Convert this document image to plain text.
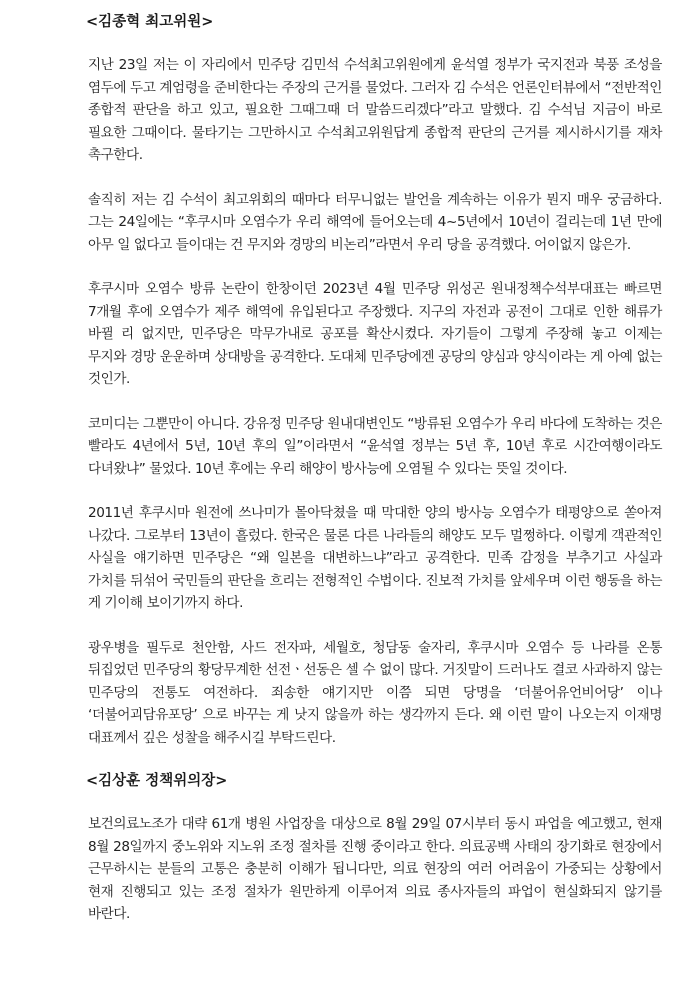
<김종혁 최고위원>

지난 23일 저는 이 자리에서 민주당 김민석 수석최고위원에게 윤석열 정부가 국지전과 북풍 조성을 염두에 두고 계엄령을 준비한다는 주장의 근거를 물었다. 그러자 김 수석은 언론인터뷰에서 “전반적인 종합적 판단을 하고 있고, 필요한 그때그때 더 말씀드리겠다”라고 말했다. 김 수석님 지금이 바로 필요한 그때이다. 물타기는 그만하시고 수석최고위원답게 종합적 판단의 근거를 제시하시기를 재차 촉구한다.

솔직히 저는 김 수석이 최고위회의 때마다 터무니없는 발언을 계속하는 이유가 뭔지 매우 궁금하다. 그는 24일에는 “후쿠시마 오염수가 우리 해역에 들어오는데 4~5년에서 10년이 걸리는데 1년 만에 아무 일 없다고 들이대는 건 무지와 경망의 비논리”라면서 우리 당을 공격했다. 어이없지 않은가.

후쿠시마 오염수 방류 논란이 한창이던 2023년 4월 민주당 위성곤 원내정책수석부대표는 빠르면 7개월 후에 오염수가 제주 해역에 유입된다고 주장했다. 지구의 자전과 공전이 그대로 인한 해류가 바뀔 리 없지만, 민주당은 막무가내로 공포를 확산시켰다. 자기들이 그렇게 주장해 놓고 이제는 무지와 경망 운운하며 상대방을 공격한다. 도대체 민주당에겐 공당의 양심과 양식이라는 게 아예 없는 것인가.

코미디는 그뿐만이 아니다. 강유정 민주당 원내대변인도 “방류된 오염수가 우리 바다에 도착하는 것은 빨라도 4년에서 5년, 10년 후의 일”이라면서 “윤석열 정부는 5년 후, 10년 후로 시간여행이라도 다녀왔냐” 물었다. 10년 후에는 우리 해양이 방사능에 오염될 수 있다는 뜻일 것이다.

2011년 후쿠시마 원전에 쓰나미가 몰아닥쳤을 때 막대한 양의 방사능 오염수가 태평양으로 쏟아져 나갔다. 그로부터 13년이 흘렀다. 한국은 물론 다른 나라들의 해양도 모두 멀쩡하다. 이렇게 객관적인 사실을 얘기하면 민주당은 “왜 일본을 대변하느냐”라고 공격한다. 민족 감정을 부추기고 사실과 가치를 뒤섞어 국민들의 판단을 흐리는 전형적인 수법이다. 진보적 가치를 앞세우며 이런 행동을 하는 게 기이해 보이기까지 하다.

광우병을 필두로 천안함, 사드 전자파, 세월호, 청담동 술자리, 후쿠시마 오염수 등 나라를 온통 뒤집었던 민주당의 황당무계한 선전ㆍ선동은 셀 수 없이 많다. 거짓말이 드러나도 결코 사과하지 않는 민주당의 전통도 여전하다. 죄송한 얘기지만 이쯤 되면 당명을 ‘더불어유언비어당’ 이나 ‘더불어괴담유포당’ 으로 바꾸는 게 낫지 않을까 하는 생각까지 든다. 왜 이런 말이 나오는지 이재명 대표께서 깊은 성찰을 해주시길 부탁드린다.

<김상훈 정책위의장>

보건의료노조가 대략 61개 병원 사업장을 대상으로 8월 29일 07시부터 동시 파업을 예고했고, 현재 8월 28일까지 중노위와 지노위 조정 절차를 진행 중이라고 한다. 의료공백 사태의 장기화로 현장에서 근무하시는 분들의 고통은 충분히 이해가 됩니다만, 의료 현장의 여러 어려움이 가중되는 상황에서 현재 진행되고 있는 조정 절차가 원만하게 이루어져 의료 종사자들의 파업이 현실화되지 않기를 바란다.
